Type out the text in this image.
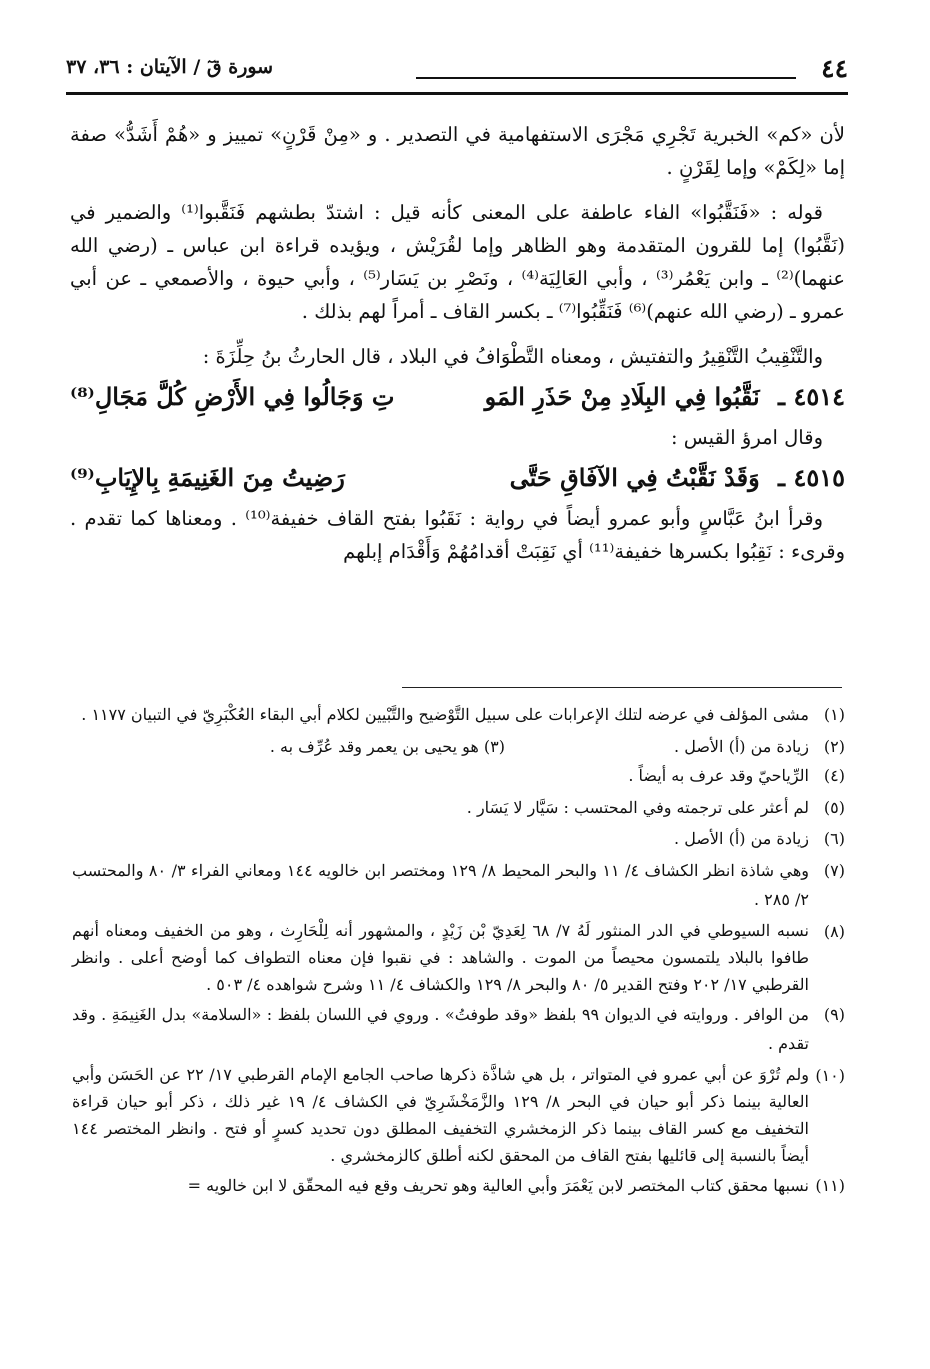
٤٤
سورة قٓ / الآيتان : ٣٦، ٣٧

لأن «كم» الخبرية تَجْرِي مَجْرَى الاستفهامية في التصدير . و «مِنْ قَرْنٍ» تمييز و «هُمْ أَشَدُّ» صفة إما «لِكَمْ» وإما لِقَرْنٍ .

قوله : «فَنَقَّبُوا» الفاء عاطفة على المعنى كأنه قيل : اشتدّ بطشهم فَنَقَّبوا⁽¹⁾ والضمير في (نَقَّبُوا) إما للقرون المتقدمة وهو الظاهر وإما لقُرَيْش ، ويؤيده قراءة ابن عباس ـ (رضي الله عنهما)⁽²⁾ ـ وابن يَعْمُر⁽³⁾ ، وأبي العَالِيَة⁽⁴⁾ ، ونَصْرِ بن يَسَار⁽⁵⁾ ، وأبي حيوة ، والأصمعي ـ عن أبي عمرو ـ (رضي الله عنهم)⁽⁶⁾ فَنَقِّبُوا⁽⁷⁾ ـ بكسر القاف ـ أمراً لهم بذلك .

والتَّنْقِيبُ التَّنْقِيرُ والتفتيش ، ومعناه التَّطْوَافُ في البلاد ، قال الحارثُ بنُ حِلِّزَةَ :

٤٥١٤ ـ نَقَّبُوا فِي البِلَادِ مِنْ حَذَرِ المَو
تِ وَجَالُوا فِي الأَرْضِ كُلَّ مَجَالِ⁽⁸⁾

وقال امرؤ القيس :

٤٥١٥ ـ وَقَدْ نَقَّبْتُ فِي الآفَاقِ حَتَّى
رَضِيتُ مِنَ الغَنِيمَةِ بِالإِيَابِ⁽⁹⁾

وقرأ ابنُ عَبَّاسٍ وأبو عمرو أيضاً في رواية : نَقَبُوا بفتح القاف خفيفة⁽¹⁰⁾ . ومعناها كما تقدم . وقرىء : نَقِبُوا بكسرها خفيفة⁽¹¹⁾ أي نَقِبَتْ أقدامُهُمْ وَأَقْدَام إبلهم

(١)
مشى المؤلف في عرضه لتلك الإعرابات على سبيل التَّوْضيح والتَّبْيين لكلام أبي البقاء العُكْبَرِيّ في التبيان ١١٧٧ .
(٢)
زيادة من (أ) الأصل .
(٣) هو يحيى بن يعمر وقد عُرِّف به .
(٤)
الرِّياحيّ وقد عرف به أيضاً .
(٥)
لم أعثر على ترجمته وفي المحتسب : سَيَّار لا يَسَار .
(٦)
زيادة من (أ) الأصل .
(٧)
وهي شاذة انظر الكشاف ٤/ ١١ والبحر المحيط ٨/ ١٢٩ ومختصر ابن خالويه ١٤٤ ومعاني الفراء ٣/ ٨٠ والمحتسب ٢/ ٢٨٥ .
(٨)
نسبه السيوطي في الدر المنثور لَهُ ٧/ ٦٨ لِعَدِيّ بْن زَيْدٍ ، والمشهور أنه لِلْحَارِث ، وهو من الخفيف ومعناه أنهم طافوا بالبلاد يلتمسون محيصاً من الموت . والشاهد : في نقبوا فإن معناه التطواف كما أوضح أعلى . وانظر القرطبي ١٧/ ٢٠٢ وفتح القدير ٥/ ٨٠ والبحر ٨/ ١٢٩ والكشاف ٤/ ١١ وشرح شواهده ٤/ ٥٠٣ .
(٩)
من الوافر . وروايته في الديوان ٩٩ بلفظ «وقد طوفتُ» . وروي في اللسان بلفظ : «السلامة» بدل الغَنِيمَةِ . وقد تقدم .
(١٠)
ولم تُرْوَ عن أبي عمرو في المتواتر ، بل هي شاذَّة ذكرها صاحب الجامع الإمام القرطبي ١٧/ ٢٢ عن الحَسَن وأبي العالية بينما ذكر أبو حيان في البحر ٨/ ١٢٩ والزَّمَخْشَرِيّ في الكشاف ٤/ ١٩ غير ذلك ، ذكر أبو حيان قراءة التخفيف مع كسر القاف بينما ذكر الزمخشري التخفيف المطلق دون تحديد كسرٍ أو فتح . وانظر المختصر ١٤٤ أيضاً بالنسبة إلى قائليها بفتح القاف من المحقق لكنه أطلق كالزمخشري .
(١١)
نسبها محقق كتاب المختصر لابن يَعْمَرَ وأبي العالية وهو تحريف وقع فيه المحقّق لا ابن خالويه =
